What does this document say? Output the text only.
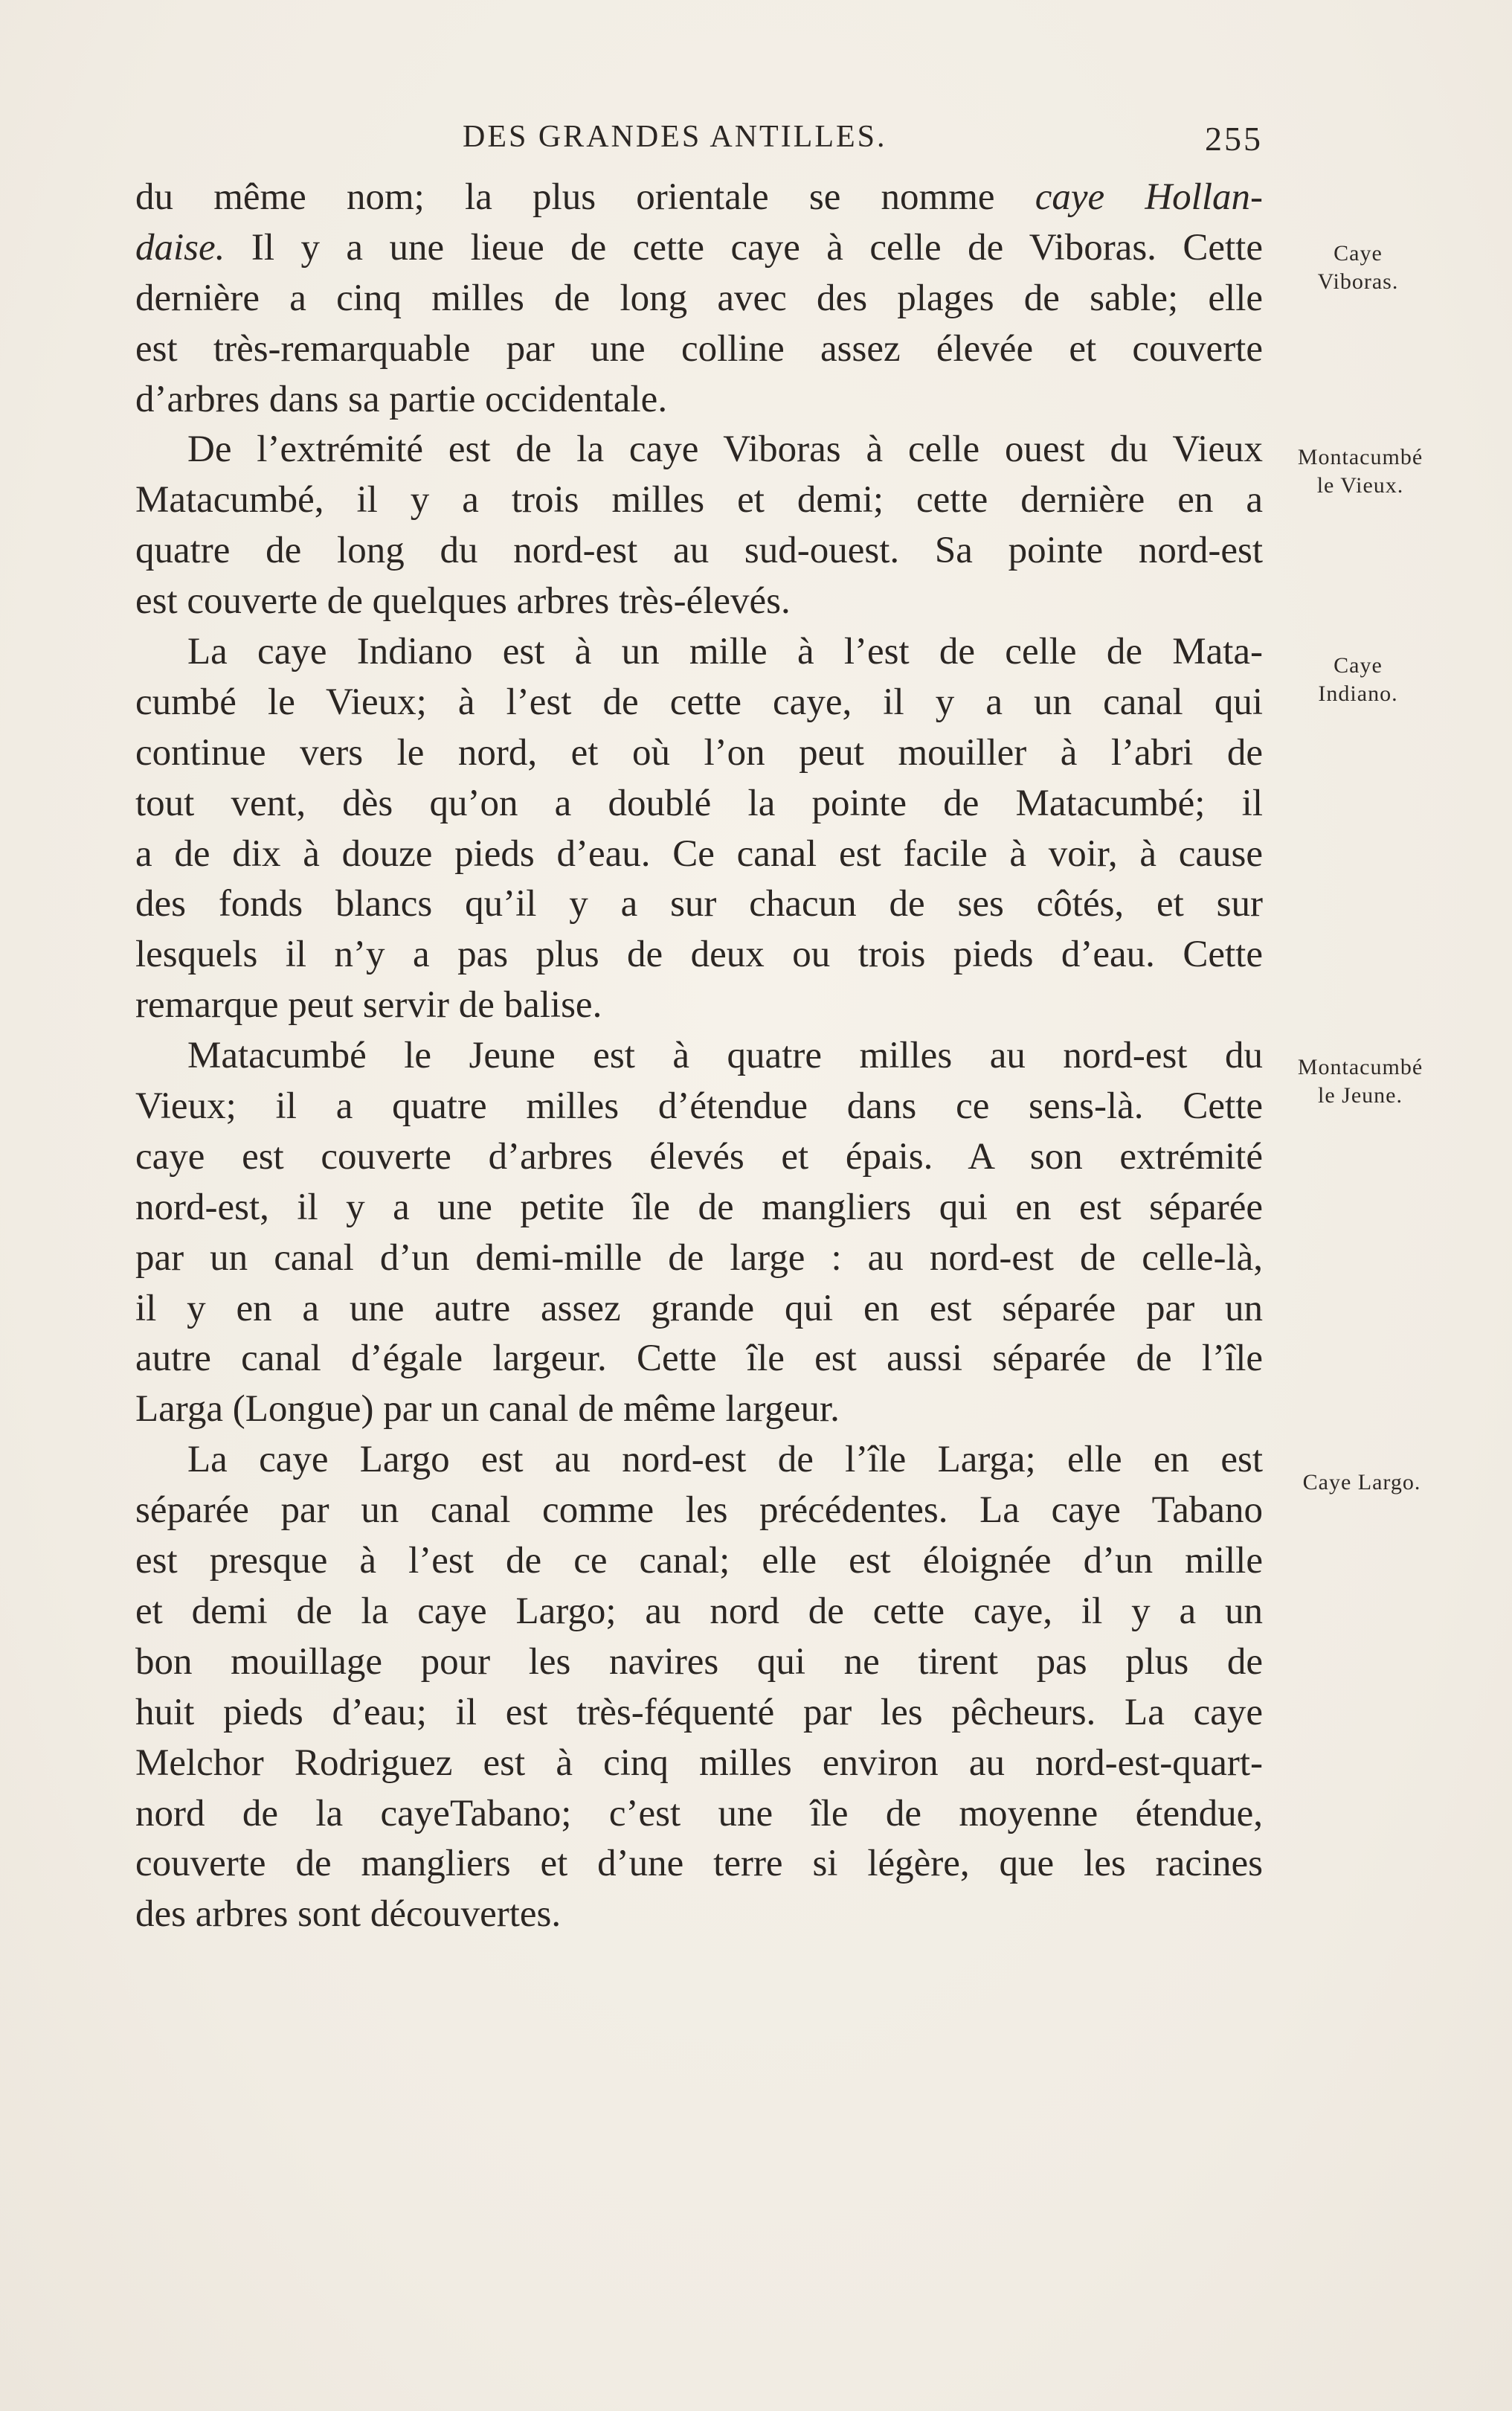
DES GRANDES ANTILLES.	255
du même nom; la plus orientale se nomme caye Hollan-
daise. Il y a une lieue de cette caye à celle de Viboras. Cette
dernière a cinq milles de long avec des plages de sable; elle
est très-remarquable par une colline assez élevée et couverte
d’arbres dans sa partie occidentale.
De l’extrémité est de la caye Viboras à celle ouest du Vieux
Matacumbé, il y a trois milles et demi; cette dernière en a
quatre de long du nord-est au sud-ouest. Sa pointe nord-est
est couverte de quelques arbres très-élevés.
La caye Indiano est à un mille à l’est de celle de Mata-
cumbé le Vieux; à l’est de cette caye, il y a un canal qui
continue vers le nord, et où l’on peut mouiller à l’abri de
tout vent, dès qu’on a doublé la pointe de Matacumbé; il
a de dix à douze pieds d’eau. Ce canal est facile à voir, à cause
des fonds blancs qu’il y a sur chacun de ses côtés, et sur
lesquels il n’y a pas plus de deux ou trois pieds d’eau. Cette
remarque peut servir de balise.
Matacumbé le Jeune est à quatre milles au nord-est du
Vieux; il a quatre milles d’étendue dans ce sens-là. Cette
caye est couverte d’arbres élevés et épais. A son extrémité
nord-est, il y a une petite île de mangliers qui en est séparée
par un canal d’un demi-mille de large : au nord-est de celle-là,
il y en a une autre assez grande qui en est séparée par un
autre canal d’égale largeur. Cette île est aussi séparée de l’île
Larga (Longue) par un canal de même largeur.
La caye Largo est au nord-est de l’île Larga; elle en est
séparée par un canal comme les précédentes. La caye Tabano
est presque à l’est de ce canal; elle est éloignée d’un mille
et demi de la caye Largo; au nord de cette caye, il y a un
bon mouillage pour les navires qui ne tirent pas plus de
huit pieds d’eau; il est très-féquenté par les pêcheurs. La caye
Melchor Rodriguez est à cinq milles environ au nord-est-quart-
nord de la cayeTabano; c’est une île de moyenne étendue,
couverte de mangliers et d’une terre si légère, que les racines
des arbres sont découvertes.
Caye
Viboras.
Montacumbé
le Vieux.
Caye
Indiano.
Montacumbé
le Jeune.
Caye Largo.
